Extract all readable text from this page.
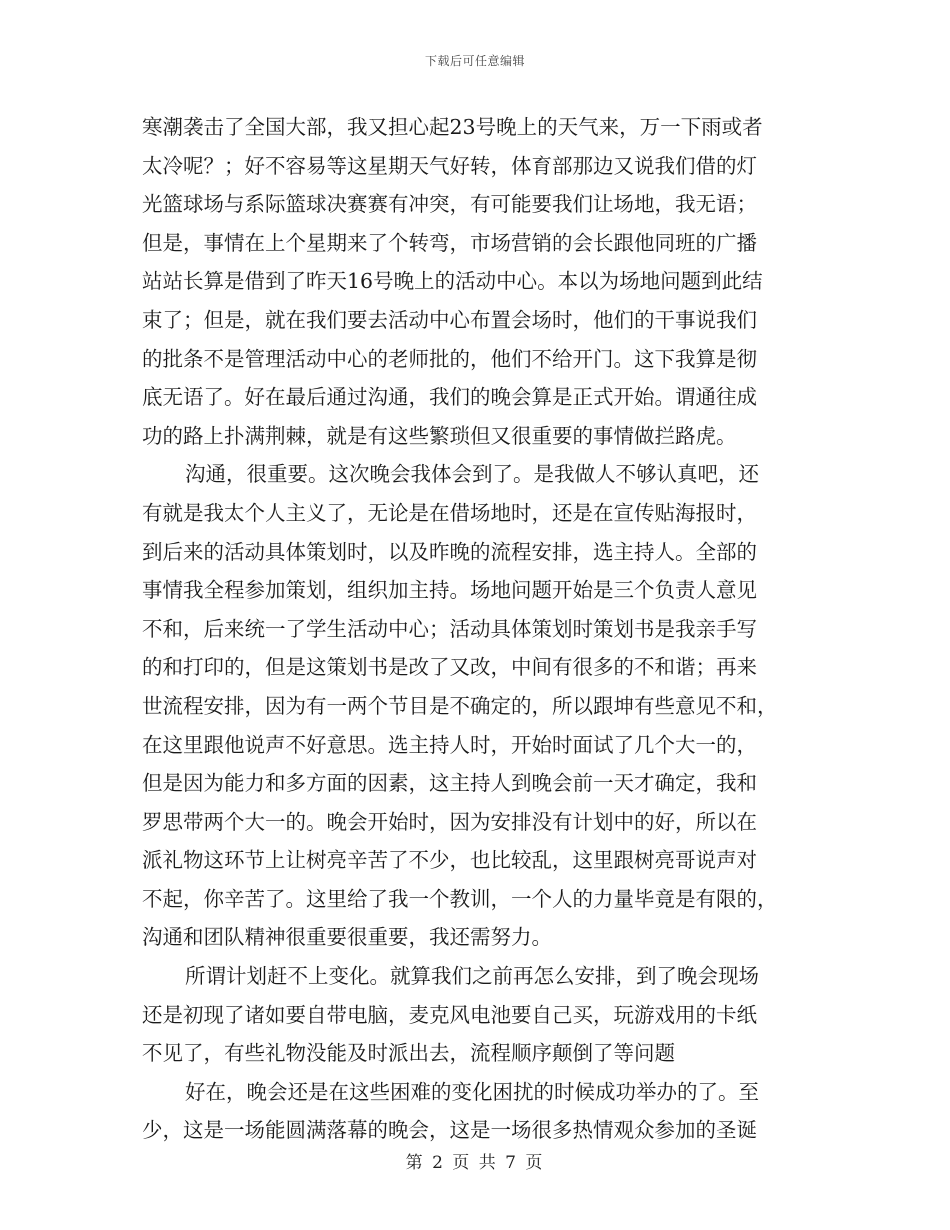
下载后可任意编辑
寒潮袭击了全国大部，我又担心起23号晚上的天气来，万一下雨或者
太冷呢？；好不容易等这星期天气好转，体育部那边又说我们借的灯
光篮球场与系际篮球决赛赛有冲突，有可能要我们让场地，我无语；
但是，事情在上个星期来了个转弯，市场营销的会长跟他同班的广播
站站长算是借到了昨天16号晚上的活动中心。本以为场地问题到此结
束了；但是，就在我们要去活动中心布置会场时，他们的干事说我们
的批条不是管理活动中心的老师批的，他们不给开门。这下我算是彻
底无语了。好在最后通过沟通，我们的晚会算是正式开始。谓通往成
功的路上扑满荆棘，就是有这些繁琐但又很重要的事情做拦路虎。
沟通，很重要。这次晚会我体会到了。是我做人不够认真吧，还
有就是我太个人主义了，无论是在借场地时，还是在宣传贴海报时，
到后来的活动具体策划时，以及昨晚的流程安排，选主持人。全部的
事情我全程参加策划，组织加主持。场地问题开始是三个负责人意见
不和，后来统一了学生活动中心；活动具体策划时策划书是我亲手写
的和打印的，但是这策划书是改了又改，中间有很多的不和谐；再来
世流程安排，因为有一两个节目是不确定的，所以跟坤有些意见不和，
在这里跟他说声不好意思。选主持人时，开始时面试了几个大一的，
但是因为能力和多方面的因素，这主持人到晚会前一天才确定，我和
罗思带两个大一的。晚会开始时，因为安排没有计划中的好，所以在
派礼物这环节上让树亮辛苦了不少，也比较乱，这里跟树亮哥说声对
不起，你辛苦了。这里给了我一个教训，一个人的力量毕竟是有限的，
沟通和团队精神很重要很重要，我还需努力。
所谓计划赶不上变化。就算我们之前再怎么安排，到了晚会现场
还是初现了诸如要自带电脑，麦克风电池要自己买，玩游戏用的卡纸
不见了，有些礼物没能及时派出去，流程顺序颠倒了等问题
好在，晚会还是在这些困难的变化困扰的时候成功举办的了。至
少，这是一场能圆满落幕的晚会，这是一场很多热情观众参加的圣诞
第 2 页 共 7 页
